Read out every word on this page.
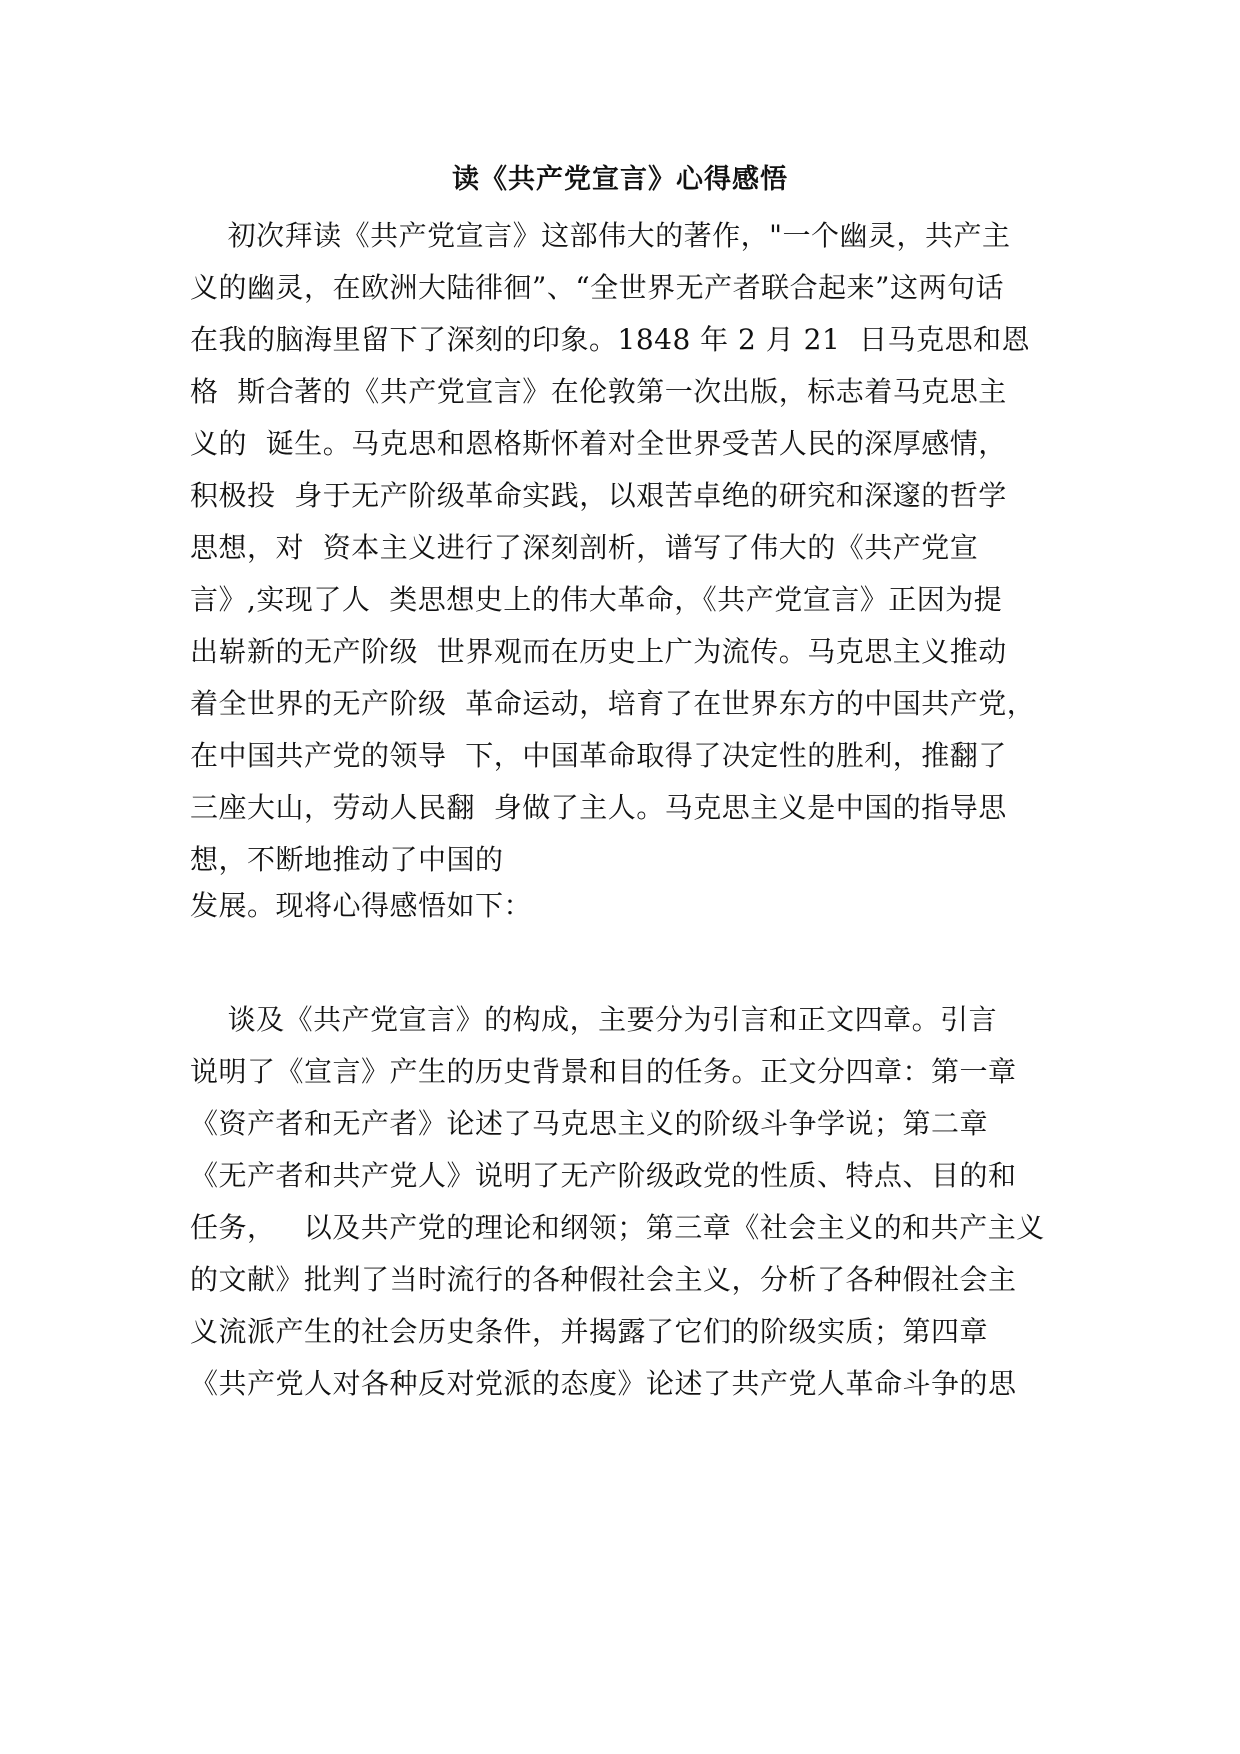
读《共产党宣言》心得感悟
初次拜读《共产党宣言》这部伟大的著作，"一个幽灵，共产主
义的幽灵，在欧洲大陆徘徊”、“全世界无产者联合起来”这两句话
在我的脑海里留下了深刻的印象。1848 年 2 月 21  日马克思和恩
格  斯合著的《共产党宣言》在伦敦第一次出版，标志着马克思主
义的  诞生。马克思和恩格斯怀着对全世界受苦人民的深厚感情，
积极投  身于无产阶级革命实践，以艰苦卓绝的研究和深邃的哲学
思想，对  资本主义进行了深刻剖析，谱写了伟大的《共产党宣
言》,实现了人  类思想史上的伟大革命，《共产党宣言》正因为提
出崭新的无产阶级  世界观而在历史上广为流传。马克思主义推动
着全世界的无产阶级  革命运动，培育了在世界东方的中国共产党，
在中国共产党的领导  下，中国革命取得了决定性的胜利，推翻了
三座大山，劳动人民翻  身做了主人。马克思主义是中国的指导思
想，不断地推动了中国的
发展。现将心得感悟如下：
谈及《共产党宣言》的构成，主要分为引言和正文四章。引言
说明了《宣言》产生的历史背景和目的任务。正文分四章：第一章
《资产者和无产者》论述了马克思主义的阶级斗争学说；第二章
《无产者和共产党人》说明了无产阶级政党的性质、特点、目的和
任务，   以及共产党的理论和纲领；第三章《社会主义的和共产主义
的文献》批判了当时流行的各种假社会主义，分析了各种假社会主
义流派产生的社会历史条件，并揭露了它们的阶级实质；第四章
《共产党人对各种反对党派的态度》论述了共产党人革命斗争的思
